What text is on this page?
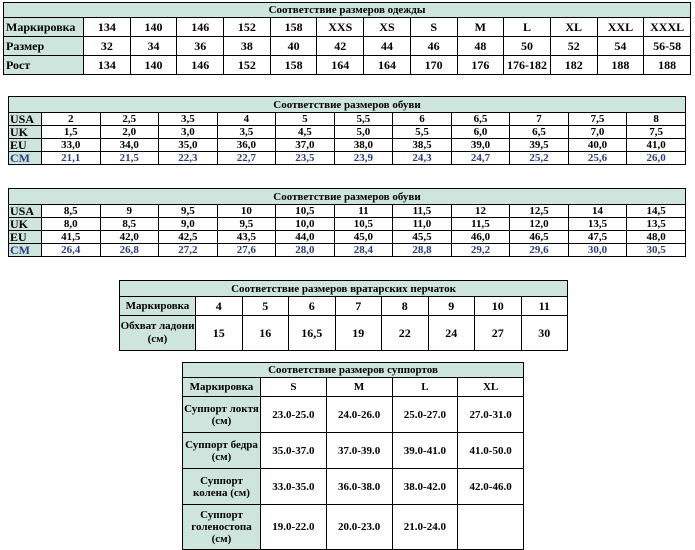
Соответствие размеров одежды													
Маркировка	134	140	146	152	158	XXS	XS	S	M	L	XL	XXL	XXXL
Размер	32	34	36	38	40	42	44	46	48	50	52	54	56-58
Рост	134	140	146	152	158	164	164	170	176	176-182	182	188	188
Соответствие размеров обуви											
USA	2	2,5	3,5	4	5	5,5	6	6,5	7	7,5	8
UK	1,5	2,0	3,0	3,5	4,5	5,0	5,5	6,0	6,5	7,0	7,5
EU	33,0	34,0	35,0	36,0	37,0	38,0	38,5	39,0	39,5	40,0	41,0
CM	21,1	21,5	22,3	22,7	23,5	23,9	24,3	24,7	25,2	25,6	26,0
Соответствие размеров обуви											
USA	8,5	9	9,5	10	10,5	11	11,5	12	12,5	14	14,5
UK	8,0	8,5	9,0	9,5	10,0	10,5	11,0	11,5	12,0	13,5	13,5
EU	41,5	42,0	42,5	43,5	44,0	45,0	45,5	46,0	46,5	47,5	48,0
CM	26,4	26,8	27,2	27,6	28,0	28,4	28,8	29,2	29,6	30,0	30,5
Соответствие размеров вратарских перчаток								
Маркировка	4	5	6	7	8	9	10	11
Обхват ладони (см)	15	16	16,5	19	22	24	27	30
Соответствие размеров суппортов				
Маркировка	S	M	L	XL
Суппорт локтя (см)	23.0-25.0	24.0-26.0	25.0-27.0	27.0-31.0
Суппорт бедра (см)	35.0-37.0	37.0-39.0	39.0-41.0	41.0-50.0
Суппорт колена (см)	33.0-35.0	36.0-38.0	38.0-42.0	42.0-46.0
Суппорт голеностопа (см)	19.0-22.0	20.0-23.0	21.0-24.0	
